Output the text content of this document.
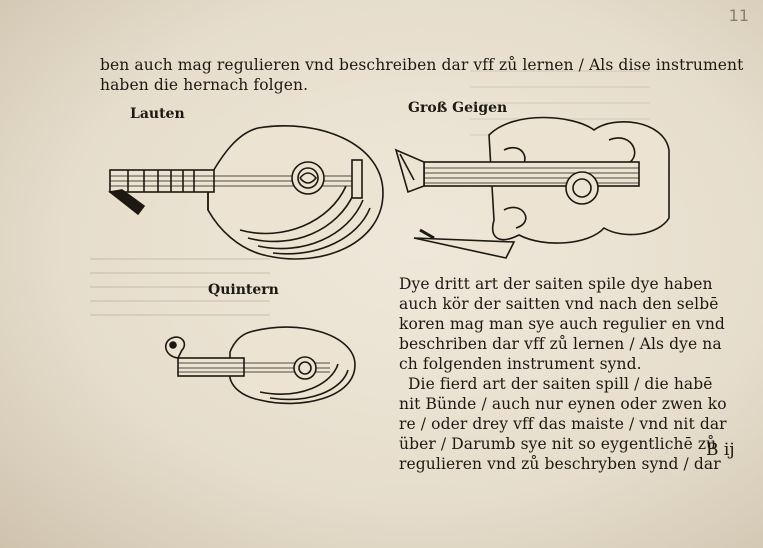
11
ben auch mag regulieren vnd beschreiben dar vff zů lernen / Als dise instrument
haben die hernach folgen.
Lauten	Groß Geigen
Quintern	Dye dritt art der saiten spile dye haben
auch kör der saitten vnd nach den selbē
koren mag man sye auch regulier en vnd
beschriben dar vff zů lernen / Als dye na
ch folgenden instrument synd.
Die fierd art der saiten spill / die habē
nit Bünde / auch nur eynen oder zwen ko
re / oder drey vff das maiste / vnd nit dar
über / Darumb sye nit so eygentlichē zů
regulieren vnd zů beschryben synd / dar
B ij
